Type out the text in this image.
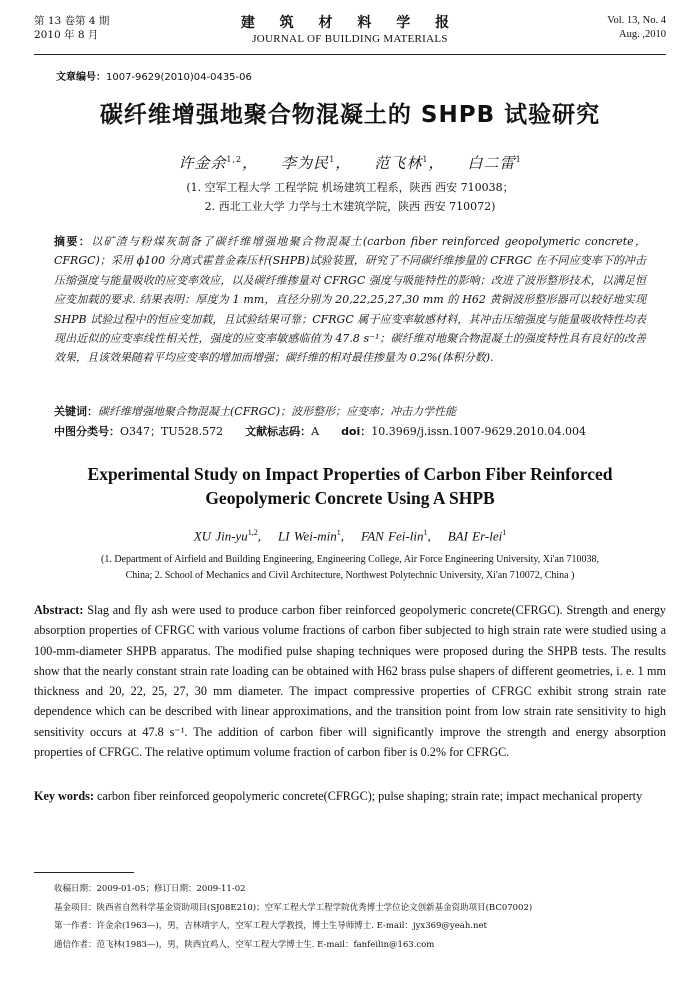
第 13 卷第 4 期
2010 年 8 月
建 筑 材 料 学 报
JOURNAL OF BUILDING MATERIALS
Vol. 13, No. 4
Aug. ,2010
文章编号：1007-9629(2010)04-0435-06
碳纤维增强地聚合物混凝土的 SHPB 试验研究
许金余$^{1,2}$，    李为民$^1$，    范飞林$^1$，    白二雷$^1$
(1. 空军工程大学 工程学院 机场建筑工程系，陕西 西安 710038；
2. 西北工业大学 力学与土木建筑学院，陕西 西安 710072)
摘要：以矿渣与粉煤灰制备了碳纤维增强地聚合物混凝土(carbon fiber reinforced geopolymeric concrete，CFRGC)；采用 ϕ100 分离式霍普金森压杆(SHPB)试验装置，研究了不同碳纤维掺量的 CFRGC 在不同应变率下的冲击压缩强度与能量吸收的应变率效应，以及碳纤维掺量对 CFRGC 强度与吸能特性的影响；改进了波形整形技术，以满足恒应变加载的要求. 结果表明：厚度为 1 mm，直径分别为 20,22,25,27,30 mm 的 H62 黄铜波形整形器可以较好地实现 SHPB 试验过程中的恒应变加载，且试验结果可靠；CFRGC 属于应变率敏感材料，其冲击压缩强度与能量吸收特性均表现出近似的应变率线性相关性，强度的应变率敏感临值为 47.8 s⁻¹；碳纤维对地聚合物混凝土的强度特性具有良好的改善效果，且该效果随着平均应变率的增加而增强；碳纤维的相对最佳掺量为 0.2%(体积分数).
关键词：碳纤维增强地聚合物混凝土(CFRGC)；波形整形；应变率；冲击力学性能
中图分类号：O347；TU528.572 文献标志码：A doi：10.3969/j.issn.1007-9629.2010.04.004
Experimental Study on Impact Properties of Carbon Fiber Reinforced
Geopolymeric Concrete Using A SHPB
XU Jin-yu$^{1,2}$,    LI Wei-$\min^1$,    FAN Fei-lin$^1$,    BAI Er-lei$^1$
(1. Department of Airfield and Building Engineering, Engineering College, Air Force Engineering University, Xi'an 710038,
China; 2. School of Mechanics and Civil Architecture, Northwest Polytechnic University, Xi'an 710072, China )
Abstract: Slag and fly ash were used to produce carbon fiber reinforced geopolymeric concrete(CFRGC). Strength and energy absorption properties of CFRGC with various volume fractions of carbon fiber subjected to high strain rate were studied using a 100-mm-diameter SHPB apparatus. The modified pulse shaping techniques were proposed during the SHPB tests. The results show that the nearly constant strain rate loading can be obtained with H62 brass pulse shapers of different geometries, i. e. 1 mm thickness and 20, 22, 25, 27, 30 mm diameter. The impact compressive properties of CFRGC exhibit strong strain rate dependence which can be described with linear approximations, and the transition point from low strain rate sensitivity to high sensitivity occurs at 47.8 s⁻¹. The addition of carbon fiber will significantly improve the strength and energy absorption properties of CFRGC. The relative optimum volume fraction of carbon fiber is 0.2% for CFRGC.
Key words: carbon fiber reinforced geopolymeric concrete(CFRGC); pulse shaping; strain rate; impact mechanical property
收稿日期：2009-01-05；修订日期：2009-11-02
基金项目：陕西省自然科学基金资助项目(SJ08E210)；空军工程大学工程学院优秀博士学位论文创新基金资助项目(BC07002)
第一作者：许金余(1963—)，男，吉林靖宇人，空军工程大学教授，博士生导师博士. E-mail：jyx369@yeah.net
通信作者：范飞林(1983—)，男，陕西宜鸡人，空军工程大学博士生. E-mail：fanfeilin@163.com
